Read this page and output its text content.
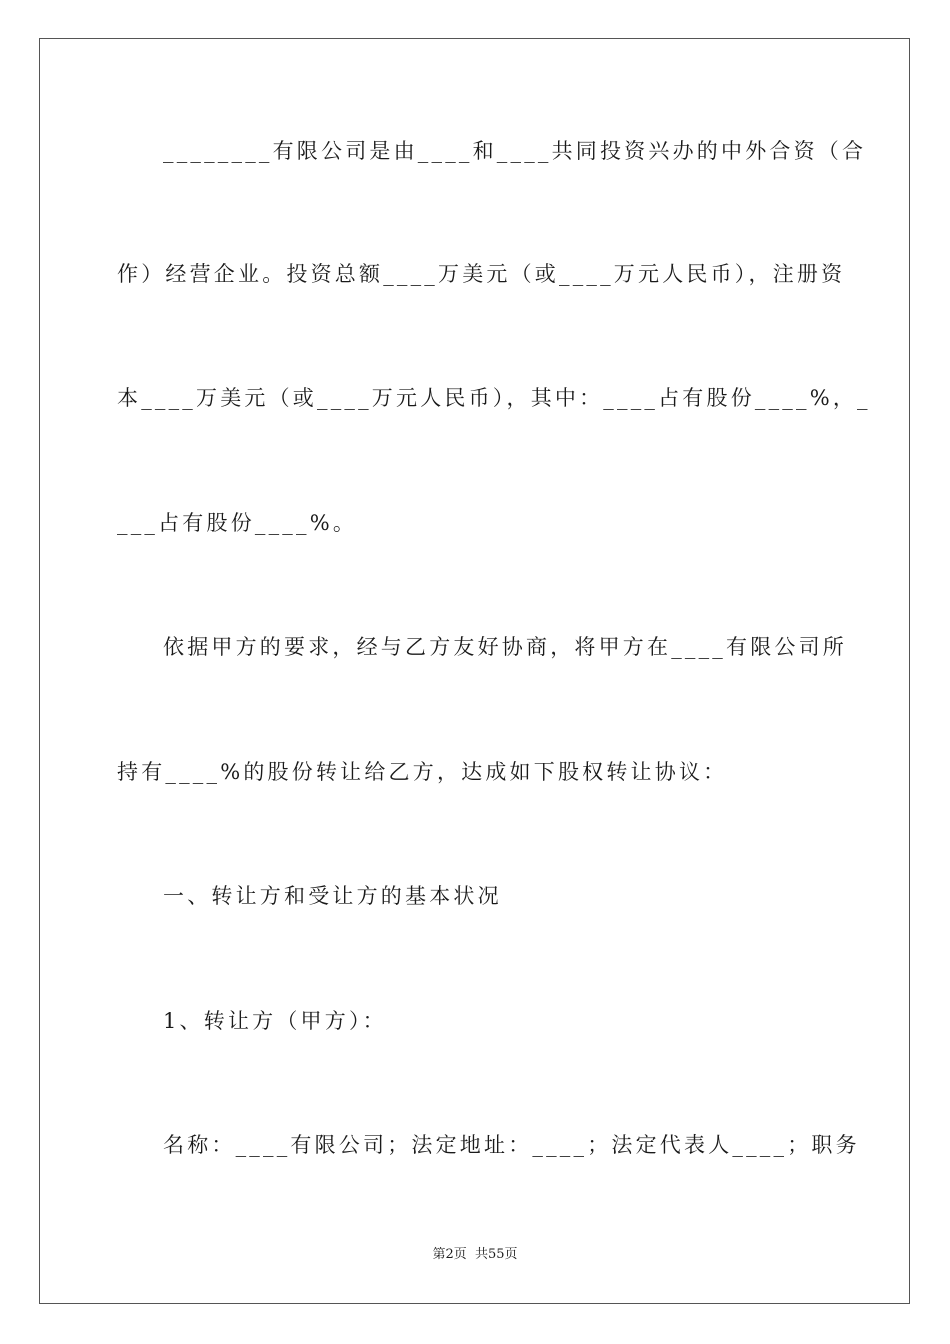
________有限公司是由____和____共同投资兴办的中外合资（合
作）经营企业。投资总额____万美元（或____万元人民币），注册资
本____万美元（或____万元人民币），其中：____占有股份____%，_
___占有股份____%。
依据甲方的要求，经与乙方友好协商，将甲方在____有限公司所
持有____%的股份转让给乙方，达成如下股权转让协议：
一、转让方和受让方的基本状况
1、转让方（甲方）：
名称：____有限公司；法定地址：____；法定代表人____；职务
第2页  共55页
